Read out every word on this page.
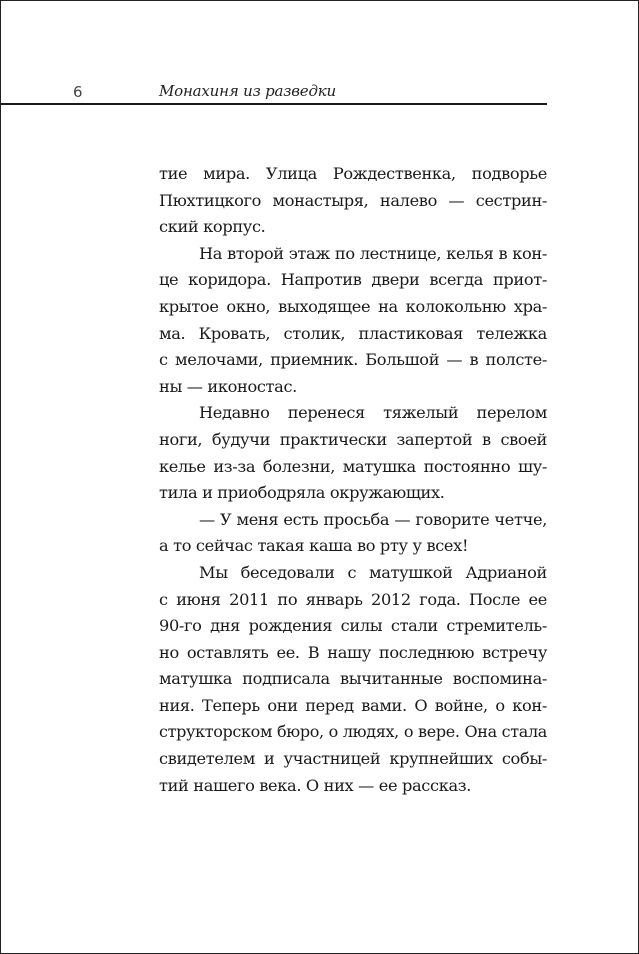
6	Монахиня из разведки
тие мира. Улица Рождественка, подворье
Пюхтицкого монастыря, налево — сестрин-
ский корпус.
На второй этаж по лестнице, келья в кон-
це коридора. Напротив двери всегда приот-
крытое окно, выходящее на колокольню хра-
ма. Кровать, столик, пластиковая тележка
с мелочами, приемник. Большой — в полсте-
ны — иконостас.
Недавно перенеся тяжелый перелом
ноги, будучи практически запертой в своей
келье из-за болезни, матушка постоянно шу-
тила и приободряла окружающих.
— У меня есть просьба — говорите четче,
а то сейчас такая каша во рту у всех!
Мы беседовали с матушкой Адрианой
с июня 2011 по январь 2012 года. После ее
90-го дня рождения силы стали стремитель-
но оставлять ее. В нашу последнюю встречу
матушка подписала вычитанные воспомина-
ния. Теперь они перед вами. О войне, о кон-
структорском бюро, о людях, о вере. Она стала
свидетелем и участницей крупнейших собы-
тий нашего века. О них — ее рассказ.
